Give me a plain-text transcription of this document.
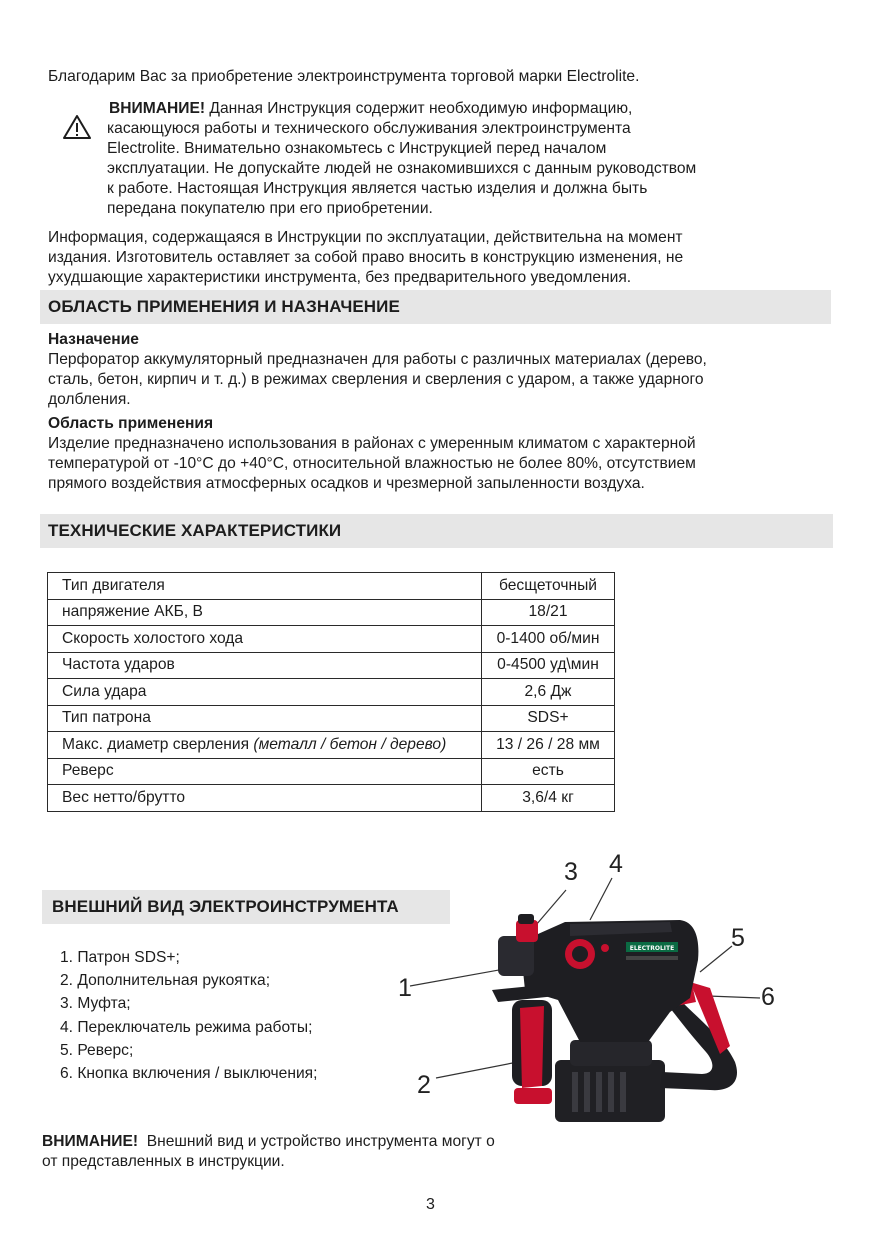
Благодарим Вас за приобретение электроинструмента торговой марки Electrolite.

ВНИМАНИЕ! Данная Инструкция содержит необходимую информацию,

касающуюся работы и технического обслуживания электроинструмента

Electrolite. Внимательно ознакомьтесь с Инструкцией перед началом

эксплуатации. Не допускайте людей не ознакомившихся с данным руководством

к работе. Настоящая Инструкция является частью изделия и должна быть

передана покупателю при его приобретении.

Информация, содержащаяся в Инструкции по эксплуатации, действительна на момент

издания. Изготовитель оставляет за собой право вносить в конструкцию изменения, не

ухудшающие характеристики инструмента, без предварительного уведомления.

ОБЛАСТЬ ПРИМЕНЕНИЯ И НАЗНАЧЕНИЕ

Назначение

Перфоратор аккумуляторный предназначен для работы с различных материалах (дерево,

сталь, бетон, кирпич и т. д.) в режимах сверления и сверления с ударом, а также ударного

долбления.

Область применения

Изделие предназначено использования в районах с умеренным климатом с характерной

температурой от -10°С до +40°С, относительной влажностью не более 80%, отсутствием

прямого воздействия атмосферных осадков и чрезмерной запыленности воздуха.

ТЕХНИЧЕСКИЕ ХАРАКТЕРИСТИКИ
Тип двигателя	бесщеточный
напряжение АКБ, В	18/21
Скорость холостого хода	0-1400 об/мин
Частота ударов	0-4500 уд\мин
Сила удара	2,6 Дж
Тип патрона	SDS+
Макс. диаметр сверления (металл / бетон / дерево)	13 / 26 / 28 мм
Реверс	есть
Вес нетто/брутто	3,6/4 кг
ВНЕШНИЙ ВИД ЭЛЕКТРОИНСТРУМЕНТА
1. Патрон SDS+;
2. Дополнительная рукоятка;
3. Муфта;
4. Переключатель режима работы;
5. Реверс;
6. Кнопка включения / выключения;
ELECTROLITE
1
2
3 4
5
6

ВНИМАНИЕ!  Внешний вид и устройство инструмента могут о

от представленных в инструкции.

3
